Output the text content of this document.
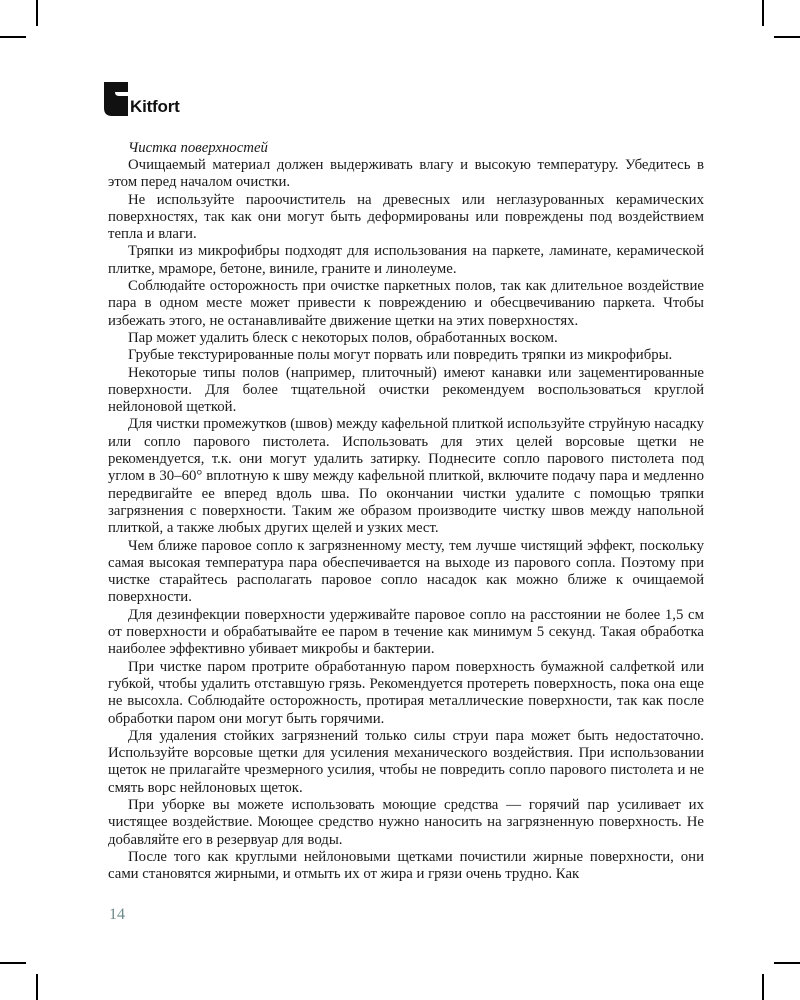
Kitfort

Чистка поверхностей

Очищаемый материал должен выдерживать влагу и высокую температуру. Убедитесь в этом перед началом очистки.

Не используйте пароочиститель на древесных или неглазурованных керамических поверхностях, так как они могут быть деформированы или повреждены под воздействием тепла и влаги.

Тряпки из микрофибры подходят для использования на паркете, ламинате, керамической плитке, мраморе, бетоне, виниле, граните и линолеуме.

Соблюдайте осторожность при очистке паркетных полов, так как длительное воздействие пара в одном месте может привести к повреждению и обесцвечиванию паркета. Чтобы избежать этого, не останавливайте движение щетки на этих поверхностях.

Пар может удалить блеск с некоторых полов, обработанных воском.

Грубые текстурированные полы могут порвать или повредить тряпки из микрофибры.

Некоторые типы полов (например, плиточный) имеют канавки или зацементированные поверхности. Для более тщательной очистки рекомендуем воспользоваться круглой нейлоновой щеткой.

Для чистки промежутков (швов) между кафельной плиткой используйте струйную насадку или сопло парового пистолета. Использовать для этих целей ворсовые щетки не рекомендуется, т.к. они могут удалить затирку. Поднесите сопло парового пистолета под углом в 30–60° вплотную к шву между кафельной плиткой, включите подачу пара и медленно передвигайте ее вперед вдоль шва. По окончании чистки удалите с помощью тряпки загрязнения с поверхности. Таким же образом производите чистку швов между напольной плиткой, а также любых других щелей и узких мест.

Чем ближе паровое сопло к загрязненному месту, тем лучше чистящий эффект, поскольку самая высокая температура пара обеспечивается на выходе из парового сопла. Поэтому при чистке старайтесь располагать паровое сопло насадок как можно ближе к очищаемой поверхности.

Для дезинфекции поверхности удерживайте паровое сопло на расстоянии не более 1,5 см от поверхности и обрабатывайте ее паром в течение как минимум 5 секунд. Такая обработка наиболее эффективно убивает микробы и бактерии.

При чистке паром протрите обработанную паром поверхность бумажной салфеткой или губкой, чтобы удалить отставшую грязь. Рекомендуется протереть поверхность, пока она еще не высохла. Соблюдайте осторожность, протирая металлические поверхности, так как после обработки паром они могут быть горячими.

Для удаления стойких загрязнений только силы струи пара может быть недостаточно. Используйте ворсовые щетки для усиления механического воздействия. При использовании щеток не прилагайте чрезмерного усилия, чтобы не повредить сопло парового пистолета и не смять ворс нейлоновых щеток.

При уборке вы можете использовать моющие средства — горячий пар усиливает их чистящее воздействие. Моющее средство нужно наносить на загрязненную поверхность. Не добавляйте его в резервуар для воды.

После того как круглыми нейлоновыми щетками почистили жирные поверхности, они сами становятся жирными, и отмыть их от жира и грязи очень трудно. Как

14
